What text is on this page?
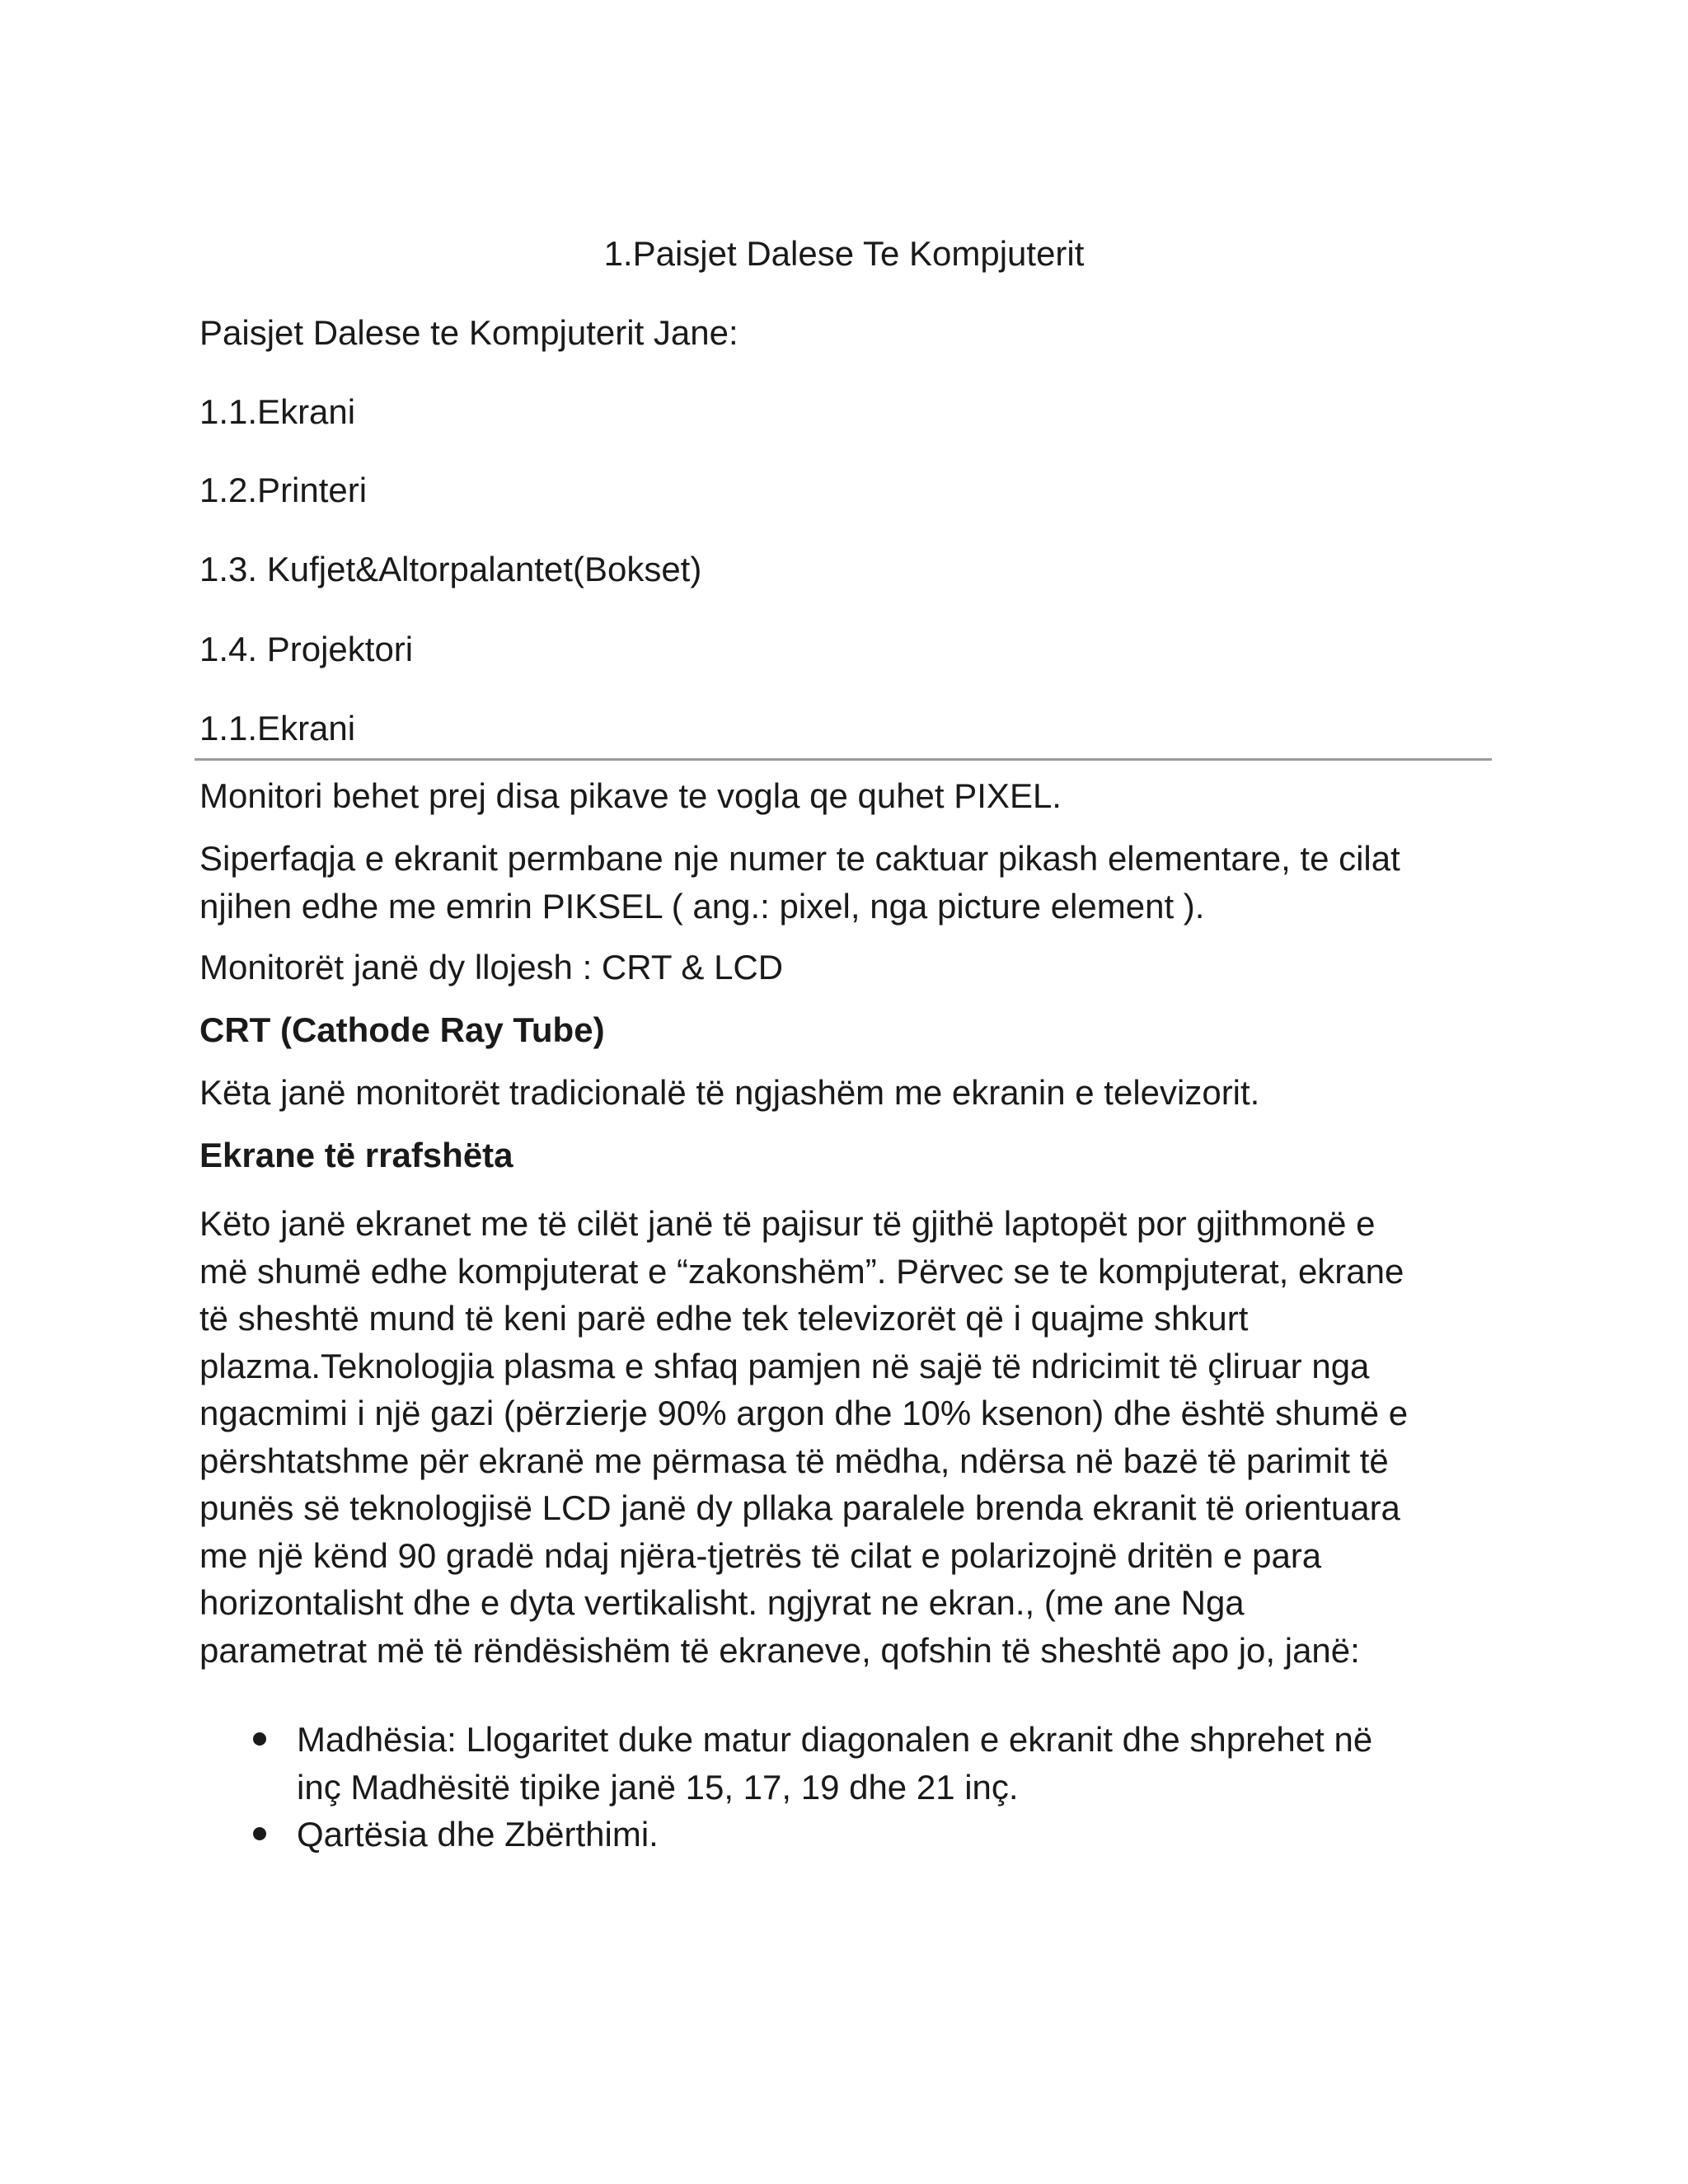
1.Paisjet Dalese Te Kompjuterit

Paisjet Dalese te Kompjuterit Jane:

1.1.Ekrani

1.2.Printeri

1.3. Kufjet&Altorpalantet(Bokset)

1.4. Projektori

1.1.Ekrani

Monitori behet prej disa pikave te vogla qe quhet PIXEL.

Siperfaqja e ekranit permbane nje numer te caktuar pikash elementare, te cilat
njihen edhe me emrin PIKSEL ( ang.: pixel, nga picture element ).

Monitorët janë dy llojesh : CRT & LCD

CRT (Cathode Ray Tube)

Këta janë monitorët tradicionalë të ngjashëm me ekranin e televizorit.

Ekrane të rrafshëta

Këto janë ekranet me të cilët janë të pajisur të gjithë laptopët por gjithmonë e
më shumë edhe kompjuterat e “zakonshëm”. Përvec se te kompjuterat, ekrane
të sheshtë mund të keni parë edhe tek televizorët që i quajme shkurt
plazma.Teknologjia plasma e shfaq pamjen në sajë të ndricimit të çliruar nga
ngacmimi i një gazi (përzierje 90% argon dhe 10% ksenon) dhe është shumë e
përshtatshme për ekranë me përmasa të mëdha, ndërsa në bazë të parimit të
punës së teknologjisë LCD janë dy pllaka paralele brenda ekranit të orientuara
me një kënd 90 gradë ndaj njëra-tjetrës të cilat e polarizojnë dritën e para
horizontalisht dhe e dyta vertikalisht. ngjyrat ne ekran., (me ane Nga
parametrat më të rëndësishëm të ekraneve, qofshin të sheshtë apo jo, janë:

Madhësia: Llogaritet duke matur diagonalen e ekranit dhe shprehet në
inç Madhësitë tipike janë 15, 17, 19 dhe 21 inç.
Qartësia dhe Zbërthimi.
